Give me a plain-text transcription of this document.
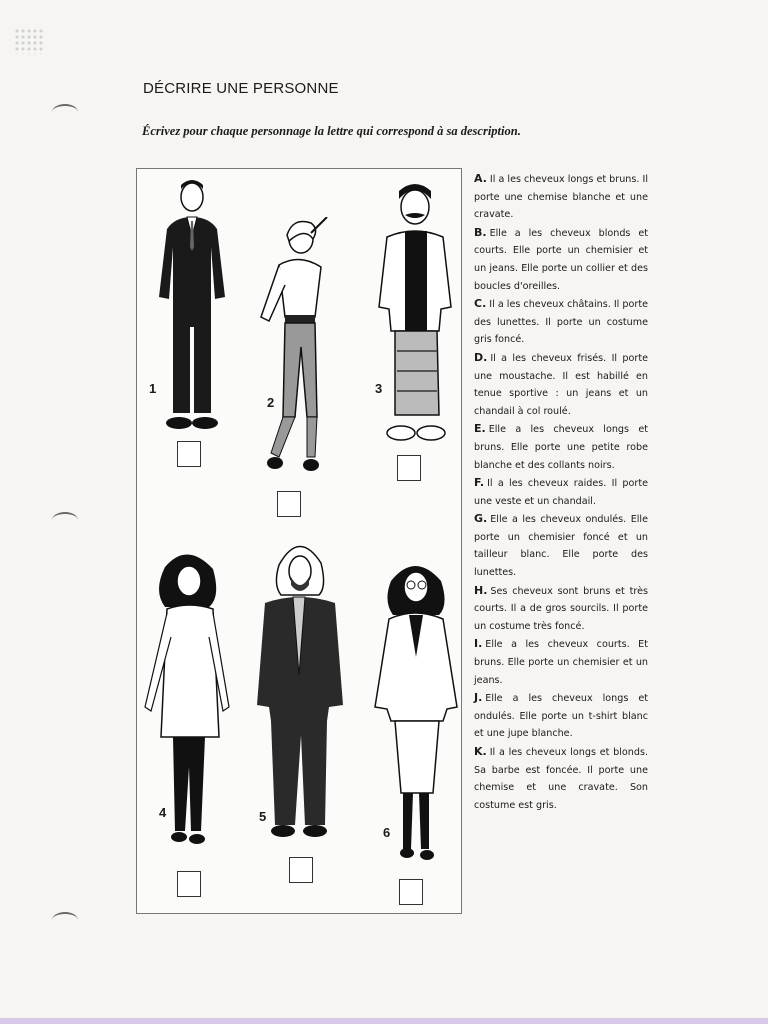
DÉCRIRE UNE PERSONNE
Écrivez pour chaque personnage la lettre qui correspond à sa description.
1
2
3
4	5
6

A. Il a les cheveux longs et bruns. Il porte une chemise blanche et une cravate.

B. Elle a les cheveux blonds et courts. Elle porte un chemisier et un jeans. Elle porte un collier et des boucles d'oreilles.

C. Il a les cheveux châtains. Il porte des lunettes. Il porte un costume gris foncé.

D. Il a les cheveux frisés. Il porte une moustache. Il est habillé en tenue sportive : un jeans et un chandail à col roulé.

E. Elle a les cheveux longs et bruns. Elle porte une petite robe blanche et des collants noirs.

F. Il a les cheveux raides. Il porte une veste et un chandail.

G. Elle a les cheveux ondulés. Elle porte un chemisier foncé et un tailleur blanc. Elle porte des lunettes.

H. Ses cheveux sont bruns et très courts. Il a de gros sourcils. Il porte un costume très foncé.

I. Elle a les cheveux courts. Et bruns. Elle porte un chemisier et un jeans.

J. Elle a les cheveux longs et ondulés. Elle porte un t-shirt blanc et une jupe blanche.

K. Il a les cheveux longs et blonds. Sa barbe est foncée. Il porte une chemise et une cravate. Son costume est gris.
